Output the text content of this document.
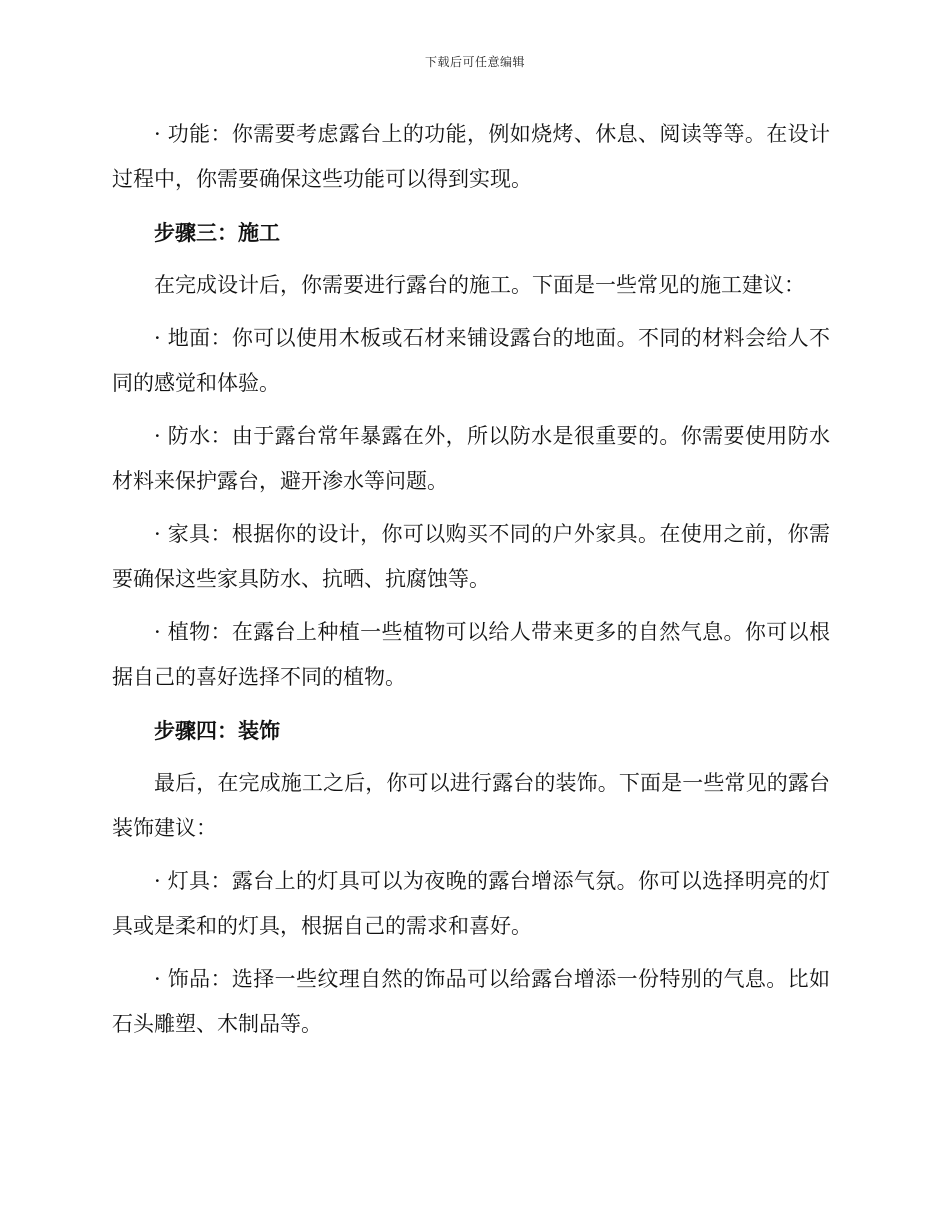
下载后可任意编辑

· 功能：你需要考虑露台上的功能，例如烧烤、休息、阅读等等。在设计过程中，你需要确保这些功能可以得到实现。

步骤三：施工

在完成设计后，你需要进行露台的施工。下面是一些常见的施工建议：

· 地面：你可以使用木板或石材来铺设露台的地面。不同的材料会给人不同的感觉和体验。

· 防水：由于露台常年暴露在外，所以防水是很重要的。你需要使用防水材料来保护露台，避开渗水等问题。

· 家具：根据你的设计，你可以购买不同的户外家具。在使用之前，你需要确保这些家具防水、抗晒、抗腐蚀等。

· 植物：在露台上种植一些植物可以给人带来更多的自然气息。你可以根据自己的喜好选择不同的植物。

步骤四：装饰

最后，在完成施工之后，你可以进行露台的装饰。下面是一些常见的露台装饰建议：

· 灯具：露台上的灯具可以为夜晚的露台增添气氛。你可以选择明亮的灯具或是柔和的灯具，根据自己的需求和喜好。

· 饰品：选择一些纹理自然的饰品可以给露台增添一份特别的气息。比如石头雕塑、木制品等。
